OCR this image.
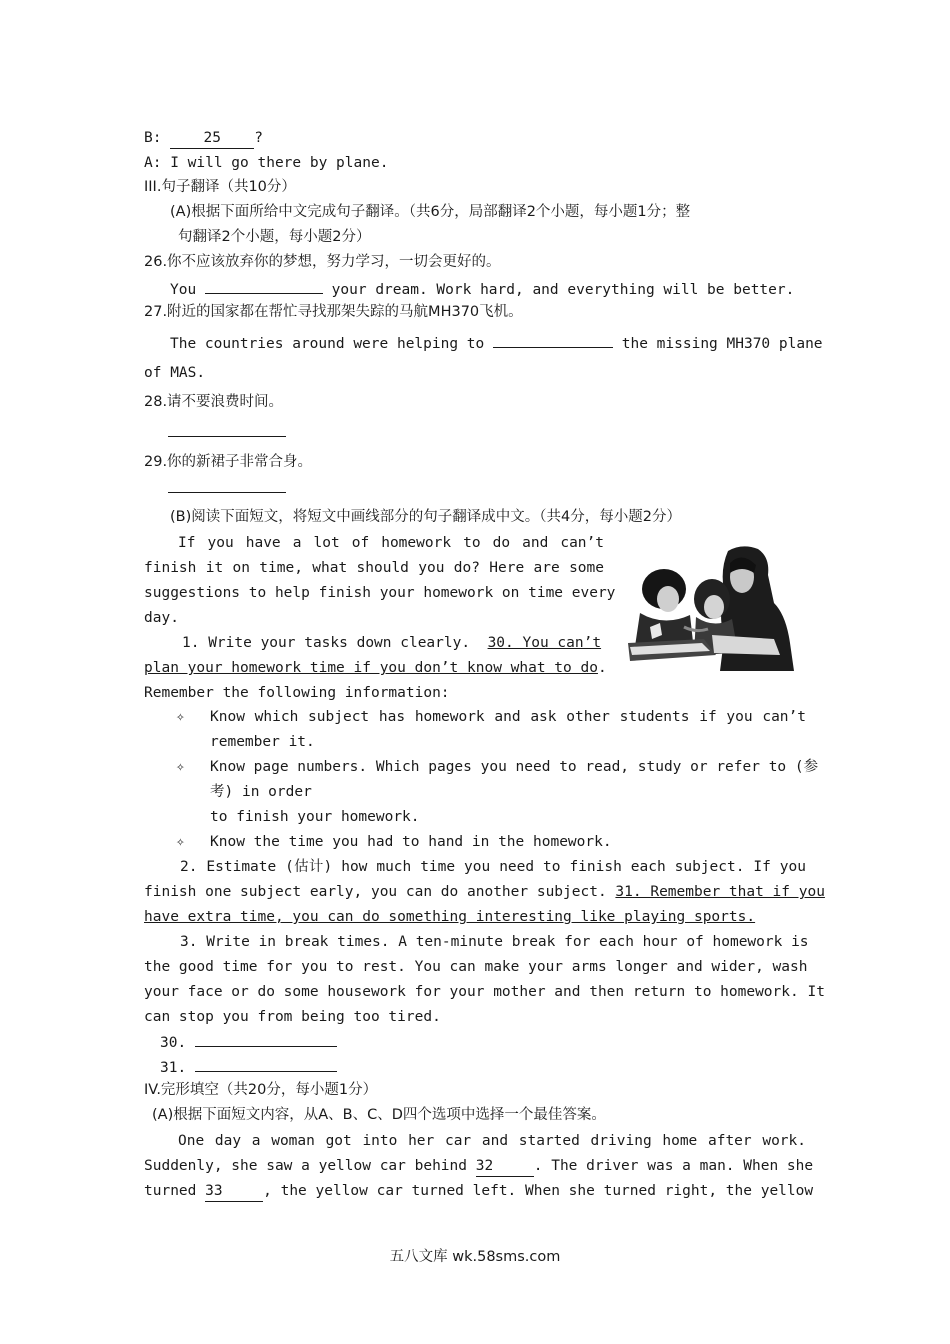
B: 25 ?
A: I will go there by plane.
III.句子翻译（共10分）
(A)根据下面所给中文完成句子翻译。（共6分，局部翻译2个小题，每小题1分；整
句翻译2个小题，每小题2分）
26.你不应该放弃你的梦想，努力学习，一切会更好的。
You	your dream. Work hard, and everything will be better.
27.附近的国家都在帮忙寻找那架失踪的马航MH370飞机。
The countries around were helping to	the missing MH370 plane
of MAS.
28.请不要浪费时间。
29.你的新裙子非常合身。
(B)阅读下面短文，将短文中画线部分的句子翻译成中文。（共4分，每小题2分）
If you have a lot of homework to do and can’t
finish it on time, what should you do? Here are some
suggestions to help finish your homework on time every
day.
1. Write your tasks down clearly. 30. You can’t
plan your homework time if you don’t know what to do.
Remember the following information:
✧ Know which subject has homework and ask other students if you can’t
remember it.
✧ Know page numbers. Which pages you need to read, study or refer to (参
考) in order
to finish your homework.
✧ Know the time you had to hand in the homework.
2. Estimate (估计) how much time you need to finish each subject. If you
finish one subject early, you can do another subject. 31. Remember that if you
have extra time, you can do something interesting like playing sports.
3. Write in break times. A ten-minute break for each hour of homework is
the good time for you to rest. You can make your arms longer and wider, wash
your face or do some housework for your mother and then return to homework. It
can stop you from being too tired.
30.
31.
IV.完形填空（共20分，每小题1分）
(A)根据下面短文内容，从A、B、C、D四个选项中选择一个最佳答案。
One day a woman got into her car and started driving home after work.
Suddenly, she saw a yellow car behind 32	. The driver was a man. When she
turned 33	, the yellow car turned left. When she turned right, the yellow
五八文库 wk.58sms.com
